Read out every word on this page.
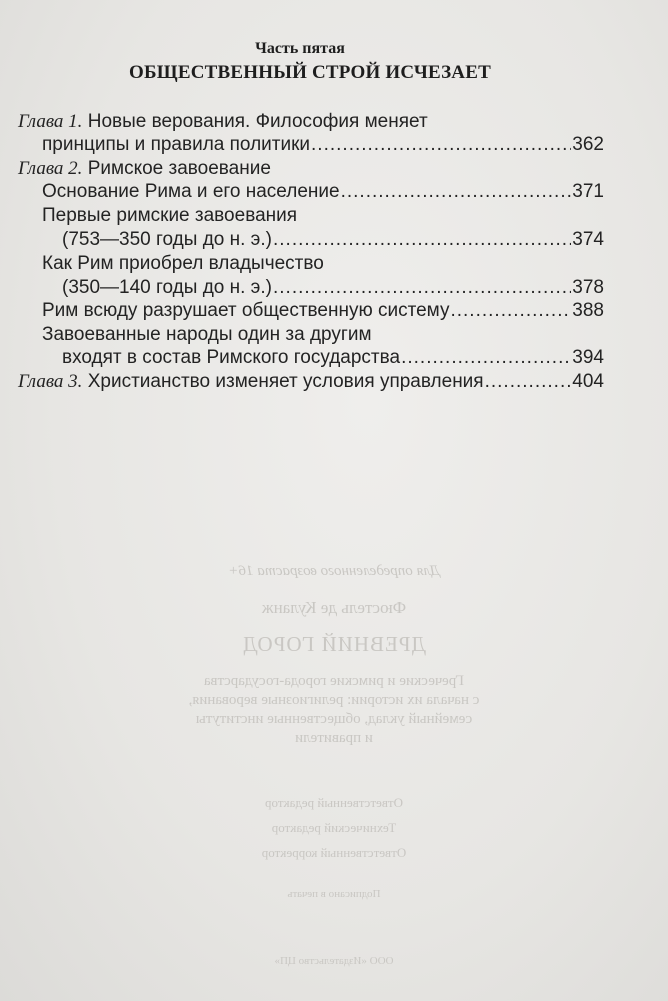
Для определенного возраста 16+
Фюстель де Куланж
ДРЕВНИЙ ГОРОД
Греческие и римские города-государства
с начала их истории: религиозные верования,
семейный уклад, общественные институты
и правители
Ответственный редактор
Технический редактор
Ответственный корректор
Подписано в печать
ООО «Издательство ЦП»
Часть пятая
ОБЩЕСТВЕННЫЙ СТРОЙ ИСЧЕЗАЕТ
Глава 1. Новые верования. Философия меняет
принципы и правила политики .....	362
Глава 2. Римское завоевание
Основание Рима и его население .....	371
Первые римские завоевания
(753—350 годы до н. э.) .....	374
Как Рим приобрел владычество
(350—140 годы до н. э.) .....	378
Рим всюду разрушает общественную систему .....	388
Завоеванные народы один за другим
входят в состав Римского государства .....	394
Глава 3. Христианство изменяет условия управления .....	404
